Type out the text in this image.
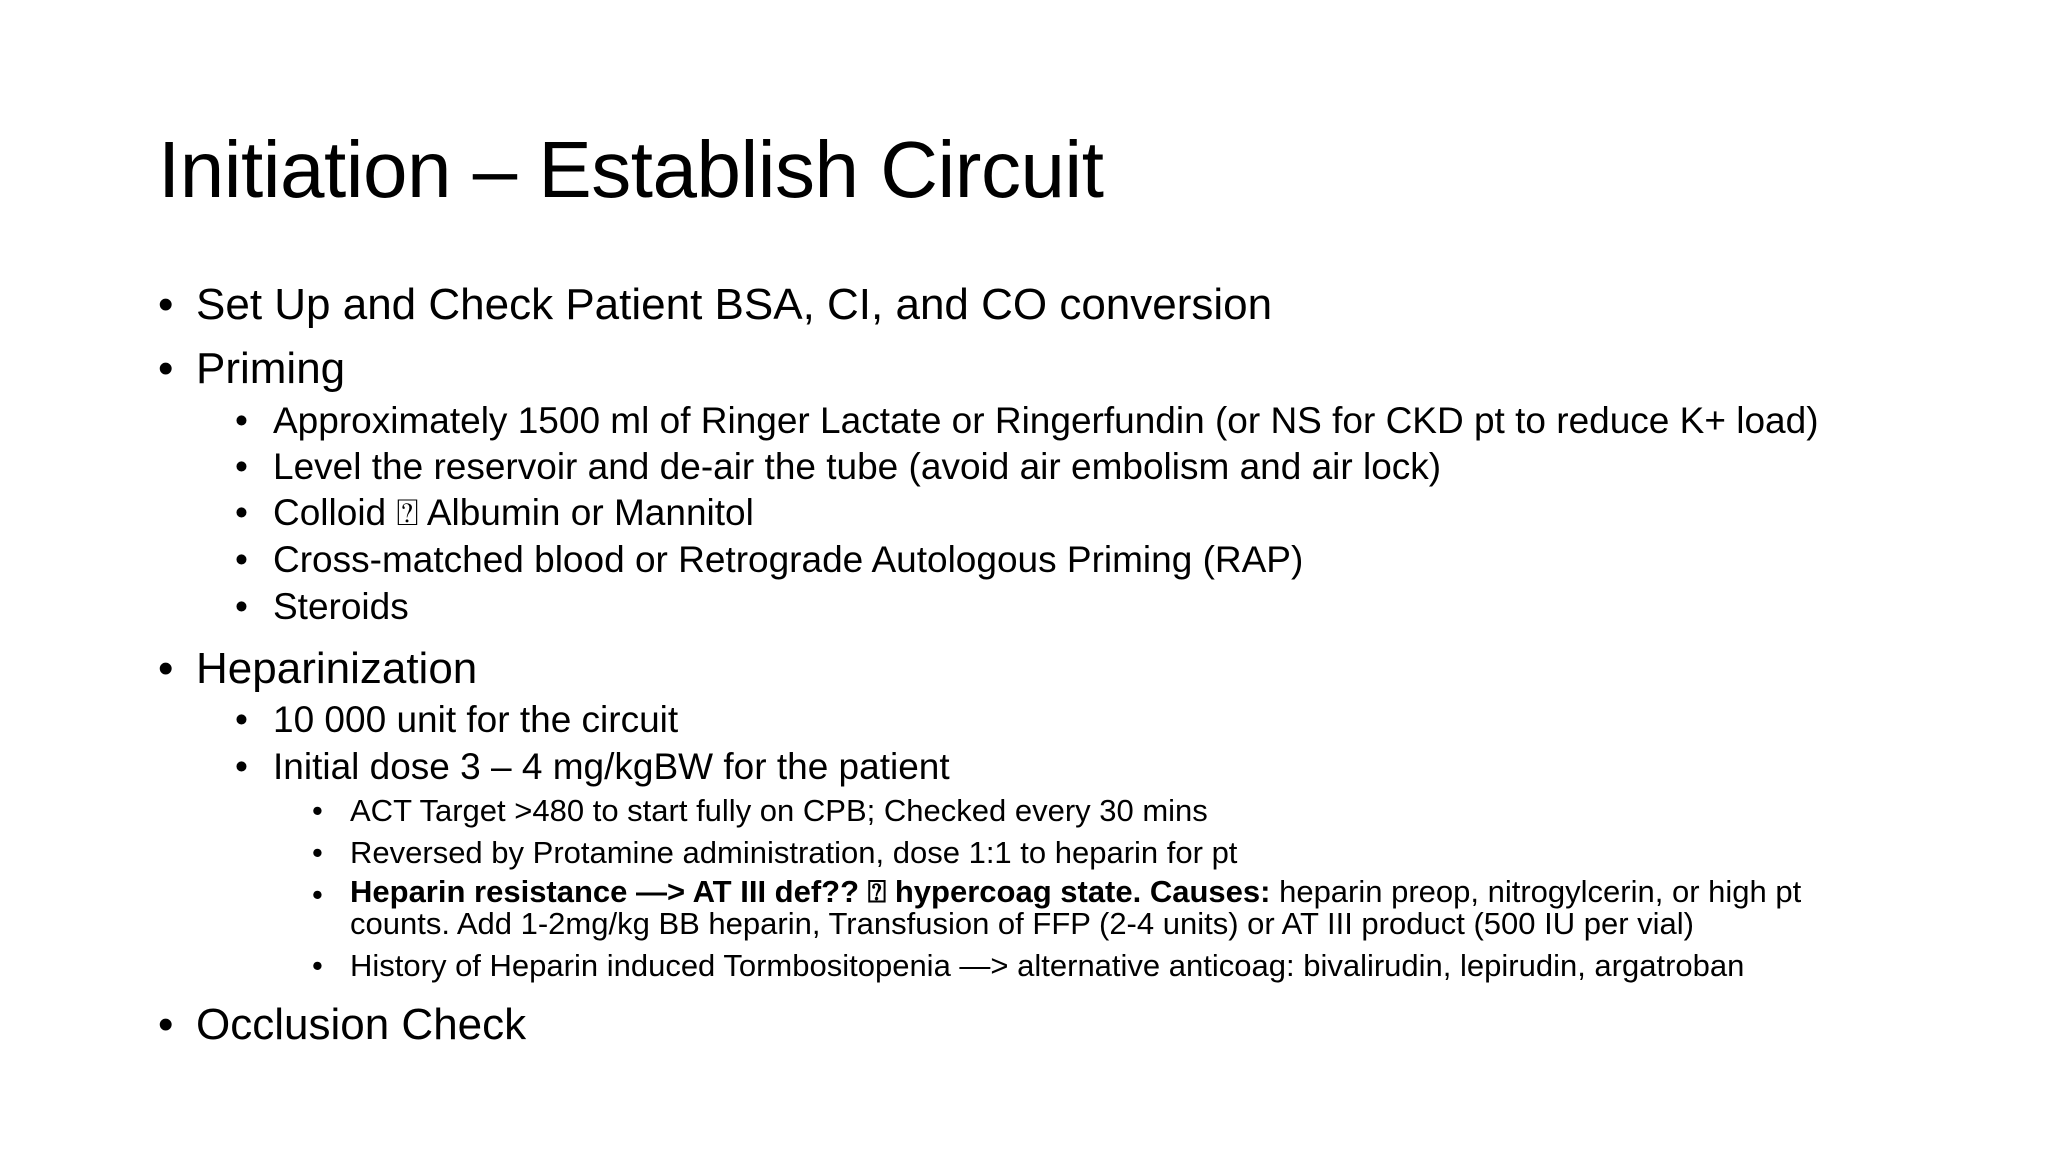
Initiation – Establish Circuit
• Set Up and Check Patient BSA, CI, and CO conversion
• Priming
• Approximately 1500 ml of Ringer Lactate or Ringerfundin (or NS for CKD pt to reduce K+ load)
• Level the reservoir and de-air the tube (avoid air embolism and air lock)
• Colloid ⍰ Albumin or Mannitol
• Cross-matched blood or Retrograde Autologous Priming (RAP)
• Steroids
• Heparinization
• 10 000 unit for the circuit
• Initial dose 3 – 4 mg/kgBW for the patient
• ACT Target >480 to start fully on CPB; Checked every 30 mins
• Reversed by Protamine administration, dose 1:1 to heparin for pt
• Heparin resistance —> AT III def?? ⍰ hypercoag state. Causes: heparin preop, nitrogylcerin, or high pt counts. Add 1-2mg/kg BB heparin, Transfusion of FFP (2-4 units) or AT III product (500 IU per vial)
• History of Heparin induced Tormbositopenia —> alternative anticoag: bivalirudin, lepirudin, argatroban
• Occlusion Check
